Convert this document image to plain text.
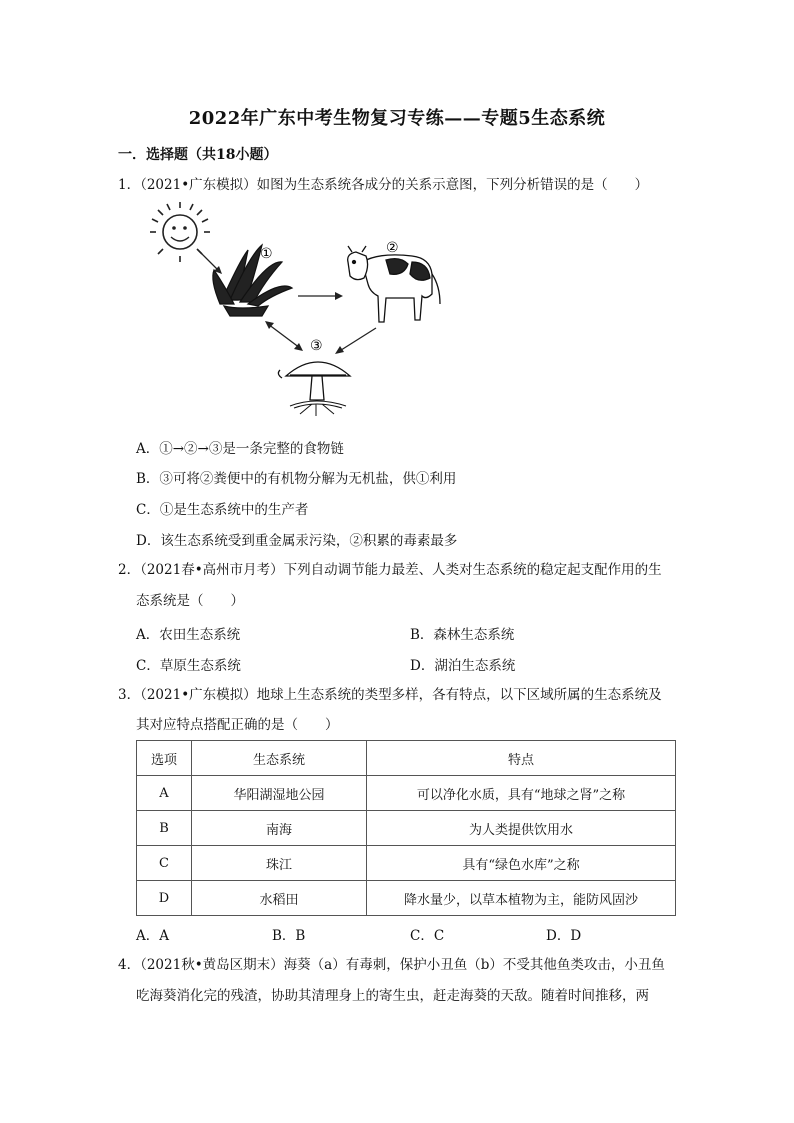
2022年广东中考生物复习专练——专题5生态系统
一．选择题（共18小题）
1．（2021•广东模拟）如图为生态系统各成分的关系示意图，下列分析错误的是（　　）
①	②
③
A．①→②→③是一条完整的食物链
B．③可将②粪便中的有机物分解为无机盐，供①利用
C．①是生态系统中的生产者
D．该生态系统受到重金属汞污染，②积累的毒素最多
2．（2021春•高州市月考）下列自动调节能力最差、人类对生态系统的稳定起支配作用的生
态系统是（　　）
A．农田生态系统	B．森林生态系统
C．草原生态系统	D．湖泊生态系统
3．（2021•广东模拟）地球上生态系统的类型多样，各有特点，以下区域所属的生态系统及
其对应特点搭配正确的是（　　）
选项	生态系统	特点
A	华阳湖湿地公园	可以净化水质，具有“地球之肾”之称
B	南海	为人类提供饮用水
C	珠江	具有“绿色水库”之称
D	水稻田	降水量少，以草本植物为主，能防风固沙
A．A	B．B	C．C	D．D
4．（2021秋•黄岛区期末）海葵（a）有毒刺，保护小丑鱼（b）不受其他鱼类攻击，小丑鱼
吃海葵消化完的残渣，协助其清理身上的寄生虫，赶走海葵的天敌。随着时间推移，两
